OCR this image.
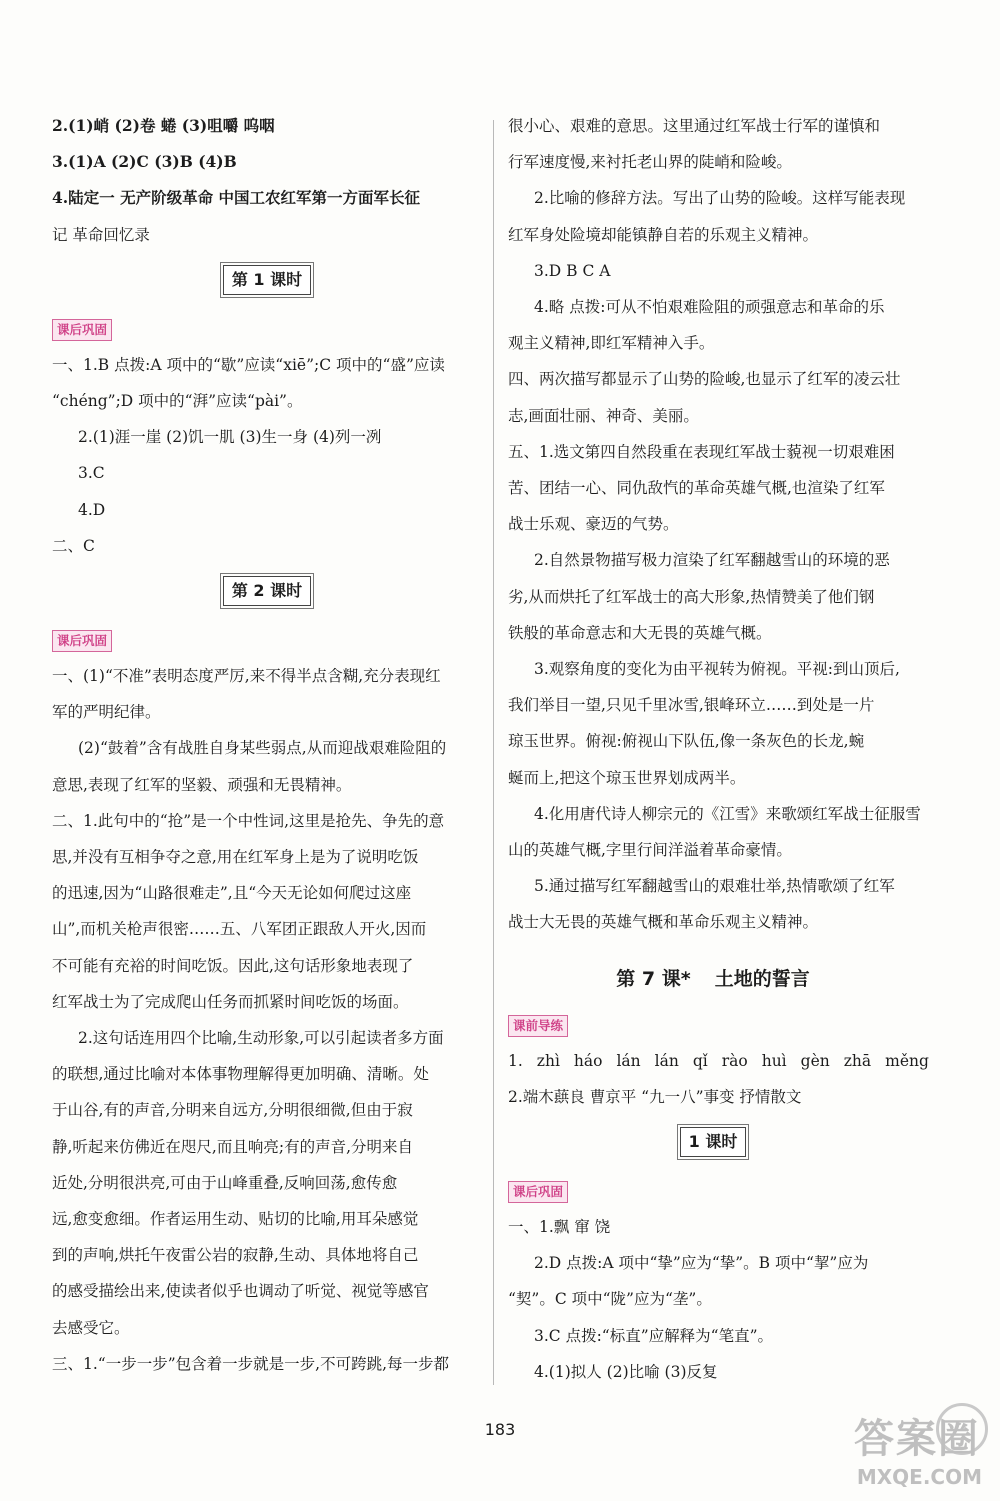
2.(1)峭 (2)卷 蜷 (3)咀嚼 呜咽
3.(1)A (2)C (3)B (4)B
4.陆定一 无产阶级革命 中国工农红军第一方面军长征
记 革命回忆录
第 1 课时
课后巩固
一、1.B 点拨:A 项中的“歇”应读“xiē”;C 项中的“盛”应读
“chéng”;D 项中的“湃”应读“pài”。
2.(1)涯一崖 (2)饥一肌 (3)生一身 (4)列一冽
3.C
4.D
二、C
第 2 课时
课后巩固
一、(1)“不准”表明态度严厉,来不得半点含糊,充分表现红
军的严明纪律。
(2)“鼓着”含有战胜自身某些弱点,从而迎战艰难险阻的
意思,表现了红军的坚毅、顽强和无畏精神。
二、1.此句中的“抢”是一个中性词,这里是抢先、争先的意
思,并没有互相争夺之意,用在红军身上是为了说明吃饭
的迅速,因为“山路很难走”,且“今天无论如何爬过这座
山”,而机关枪声很密……五、八军团正跟敌人开火,因而
不可能有充裕的时间吃饭。因此,这句话形象地表现了
红军战士为了完成爬山任务而抓紧时间吃饭的场面。
2.这句话连用四个比喻,生动形象,可以引起读者多方面
的联想,通过比喻对本体事物理解得更加明确、清晰。处
于山谷,有的声音,分明来自远方,分明很细微,但由于寂
静,听起来仿佛近在咫尺,而且响亮;有的声音,分明来自
近处,分明很洪亮,可由于山峰重叠,反响回荡,愈传愈
远,愈变愈细。作者运用生动、贴切的比喻,用耳朵感觉
到的声响,烘托午夜雷公岩的寂静,生动、具体地将自己
的感受描绘出来,使读者似乎也调动了听觉、视觉等感官
去感受它。
三、1.“一步一步”包含着一步就是一步,不可跨跳,每一步都
很小心、艰难的意思。这里通过红军战士行军的谨慎和
行军速度慢,来衬托老山界的陡峭和险峻。
2.比喻的修辞方法。写出了山势的险峻。这样写能表现
红军身处险境却能镇静自若的乐观主义精神。
3.D B C A
4.略 点拨:可从不怕艰难险阻的顽强意志和革命的乐
观主义精神,即红军精神入手。
四、两次描写都显示了山势的险峻,也显示了红军的凌云壮
志,画面壮丽、神奇、美丽。
五、1.选文第四自然段重在表现红军战士藐视一切艰难困
苦、团结一心、同仇敌忾的革命英雄气概,也渲染了红军
战士乐观、豪迈的气势。
2.自然景物描写极力渲染了红军翻越雪山的环境的恶
劣,从而烘托了红军战士的高大形象,热情赞美了他们钢
铁般的革命意志和大无畏的英雄气概。
3.观察角度的变化为由平视转为俯视。平视:到山顶后,
我们举目一望,只见千里冰雪,银峰环立……到处是一片
琼玉世界。俯视:俯视山下队伍,像一条灰色的长龙,蜿
蜒而上,把这个琼玉世界划成两半。
4.化用唐代诗人柳宗元的《江雪》来歌颂红军战士征服雪
山的英雄气概,字里行间洋溢着革命豪情。
5.通过描写红军翻越雪山的艰难壮举,热情歌颂了红军
战士大无畏的英雄气概和革命乐观主义精神。
第 7 课* 土地的誓言
课前导练
1. zhì háo lán lán qǐ rào huì gèn zhā měng
2.端木蕻良 曹京平 “九一八”事变 抒情散文
1 课时
课后巩固
一、1.飘 窜 饶
2.D 点拨:A 项中“挚”应为“挚”。B 项中“挈”应为
“契”。C 项中“陇”应为“垄”。
3.C 点拨:“标直”应解释为“笔直”。
4.(1)拟人 (2)比喻 (3)反复
183	答案圈
MXQE.COM
